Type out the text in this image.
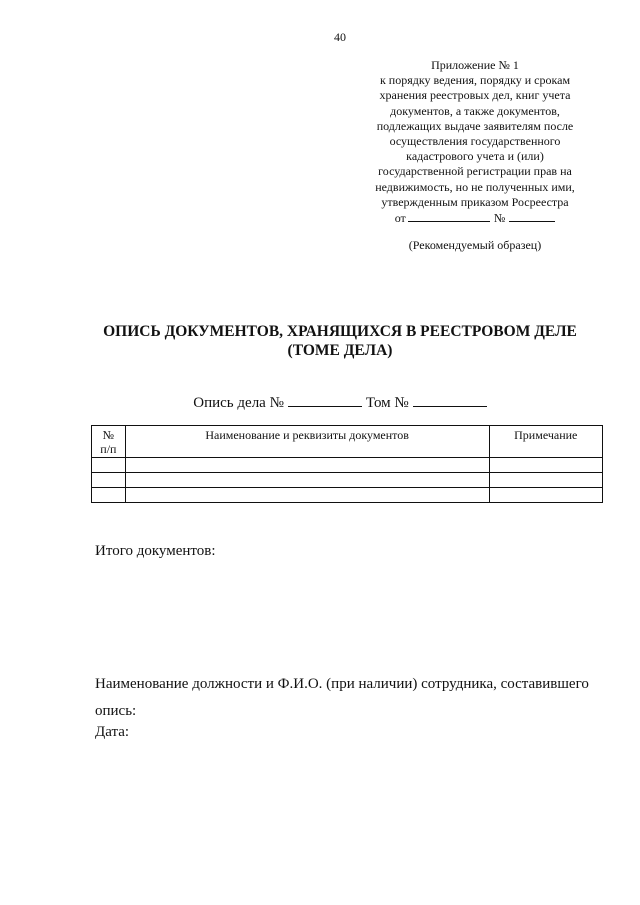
40
Приложение № 1
к порядку ведения, порядку и срокам
хранения реестровых дел, книг учета
документов, а также документов,
подлежащих выдаче заявителям после
осуществления государственного
кадастрового учета и (или)
государственной регистрации прав на
недвижимость, но не полученных ими,
утвержденным приказом Росреестра
от	№
(Рекомендуемый образец)
ОПИСЬ ДОКУМЕНТОВ, ХРАНЯЩИХСЯ В РЕЕСТРОВОМ ДЕЛЕ
(ТОМЕ ДЕЛА)
Опись дела №	Том №
№
п/п	Наименование и реквизиты документов	Примечание

Итого документов:
Наименование должности и Ф.И.О. (при наличии) сотрудника, составившего опись:
Дата:
